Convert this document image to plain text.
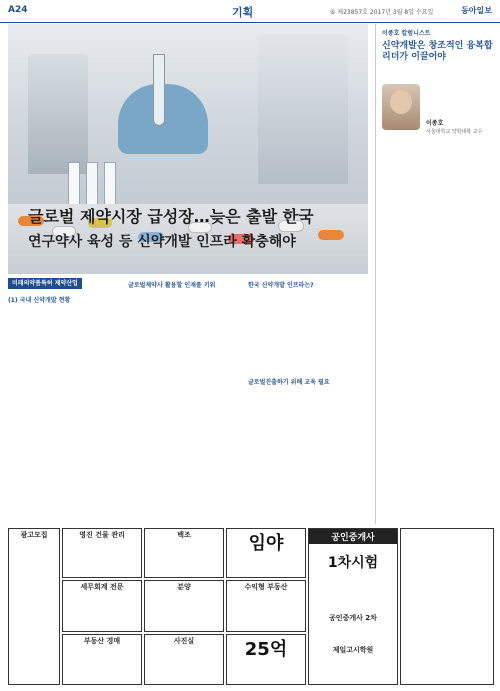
A24	기획	⑥ 제23857호 2017년 3월 8일 수요일	동아일보
글로벌 제약시장 급성장…늦은 출발 한국
연구약사 육성 등 신약개발 인프라 확충해야
미래의약품특허 제약산업
(1) 국내 신약개발 현황
글로벌제약사 활용할 인재를 키워	한국 신약개발 인프라는?
글로벌진출하기 위해 교육 필요
이종호 칼럼니스트
신약개발은 창조적인 융복합 리더가 이끌어야
이종호
서울대학교 약학대학 교수
광고모집	영진 건물 관리
세무회계 전문
부동산 경매
백조
분양
사진실
임야
수익형 부동산
25억
공인중개사
1차시험
공인중개사 2차
제일고시학원
